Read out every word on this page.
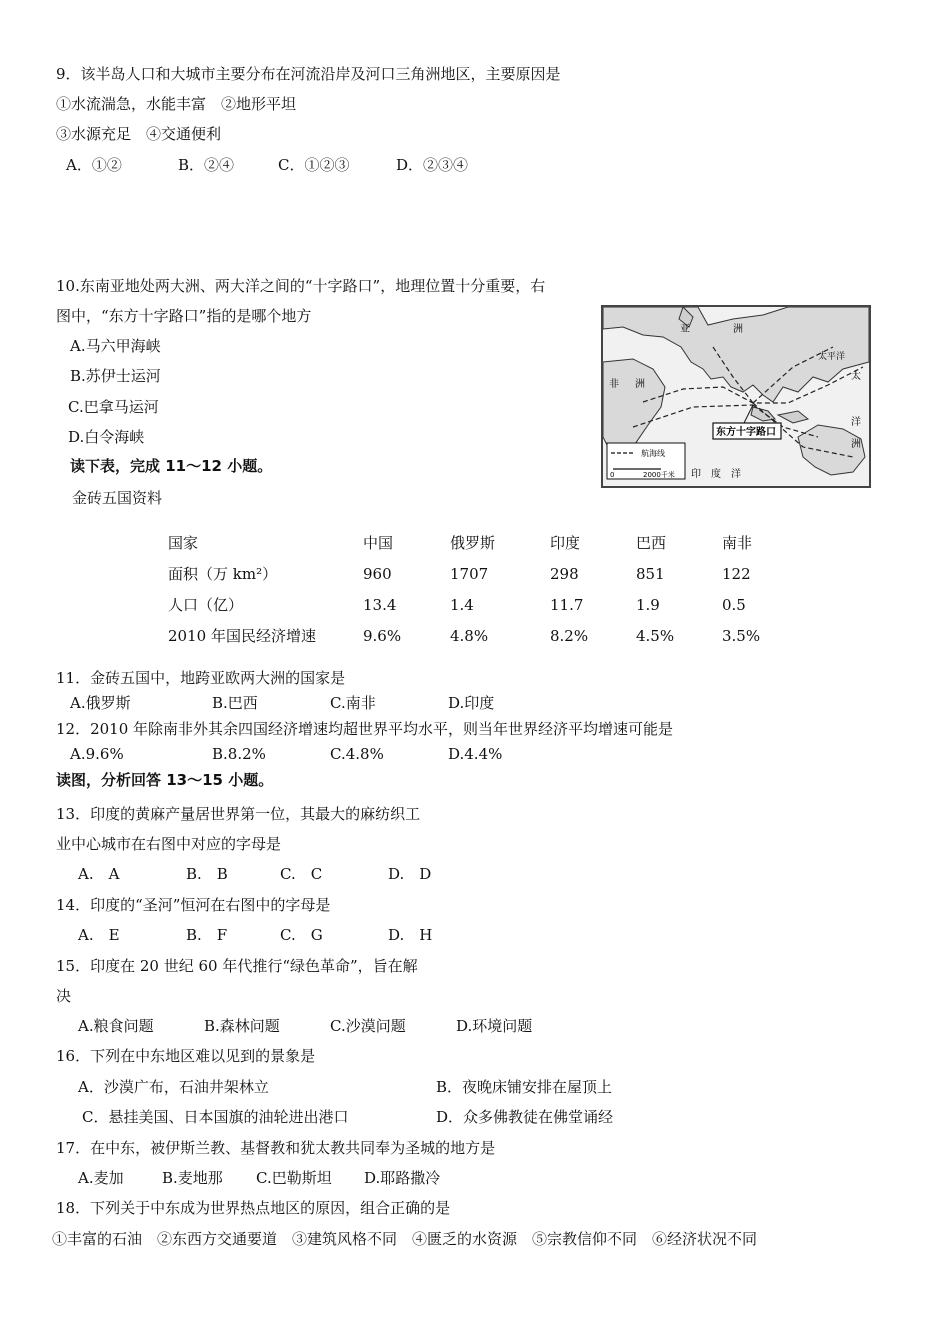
9．该半岛人口和大城市主要分布在河流沿岸及河口三角洲地区，主要原因是
①水流湍急，水能丰富　②地形平坦
③水源充足　④交通便利
A．①②	B．②④	C．①②③	D．②③④
10.东南亚地处两大洲、两大洋之间的“十字路口”，地理位置十分重要，右
图中，“东方十字路口”指的是哪个地方
A.马六甲海峡
B.苏伊士运河
C.巴拿马运河
D.白令海峡
亚	洲
非 洲
太平洋
太
洋
洲
印　度　洋
东方十字路口
航海线
0	2000千米
读下表，完成 11～12 小题。
金砖五国资料
国家	中国	俄罗斯	印度	巴西	南非
面积（万 km²）	960	1707	298	851	122
人口（亿）	13.4	1.4	11.7	1.9	0.5
2010 年国民经济增速	9.6%	4.8%	8.2%	4.5%	3.5%
11．金砖五国中，地跨亚欧两大洲的国家是
A.俄罗斯	B.巴西	C.南非	D.印度
12．2010 年除南非外其余四国经济增速均超世界平均水平，则当年世界经济平均增速可能是
A.9.6%	B.8.2%	C.4.8%	D.4.4%
读图，分析回答 13～15 小题。
13．印度的黄麻产量居世界第一位，其最大的麻纺织工
业中心城市在右图中对应的字母是
A.　A	B.　B	C.　C	D.　D
14．印度的“圣河”恒河在右图中的字母是
A.　E	B.　F	C.　G	D.　H
15．印度在 20 世纪 60 年代推行“绿色革命”，旨在解
决
A.粮食问题	B.森林问题	C.沙漠问题	D.环境问题
16．下列在中东地区难以见到的景象是
A．沙漠广布，石油井架林立	B．夜晚床铺安排在屋顶上
C．悬挂美国、日本国旗的油轮进出港口	D．众多佛教徒在佛堂诵经
17．在中东，被伊斯兰教、基督教和犹太教共同奉为圣城的地方是
A.麦加	B.麦地那 C.巴勒斯坦 D.耶路撒冷
18．下列关于中东成为世界热点地区的原因，组合正确的是
①丰富的石油　②东西方交通要道　③建筑风格不同　④匮乏的水资源　⑤宗教信仰不同　⑥经济状况不同
